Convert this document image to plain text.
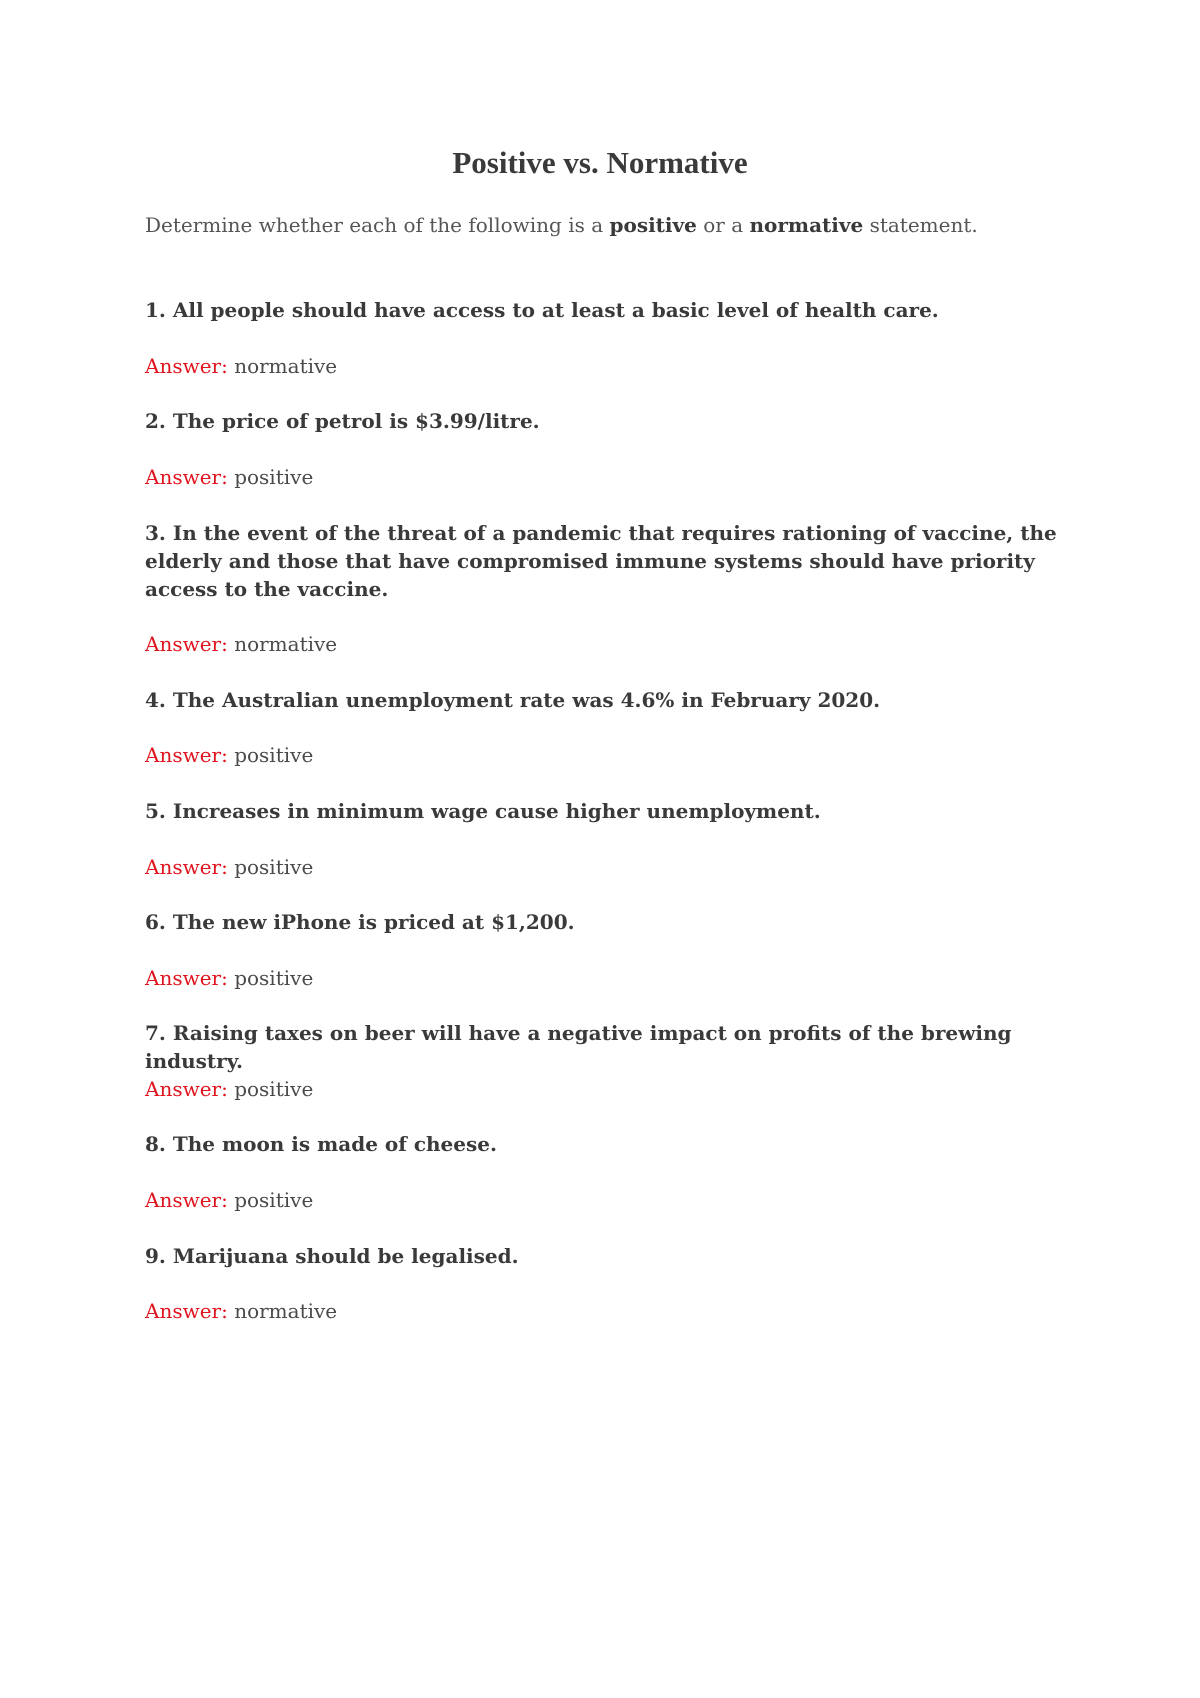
Positive vs. Normative
Determine whether each of the following is a positive or a normative statement.
1. All people should have access to at least a basic level of health care.
Answer: normative
2. The price of petrol is $3.99/litre.
Answer: positive
3. In the event of the threat of a pandemic that requires rationing of vaccine, the elderly and those that have compromised immune systems should have priority access to the vaccine.
Answer: normative
4. The Australian unemployment rate was 4.6% in February 2020.
Answer: positive
5. Increases in minimum wage cause higher unemployment.
Answer: positive
6. The new iPhone is priced at $1,200.
Answer: positive
7. Raising taxes on beer will have a negative impact on profits of the brewing industry.
Answer: positive
8. The moon is made of cheese.
Answer: positive
9. Marijuana should be legalised.
Answer: normative
